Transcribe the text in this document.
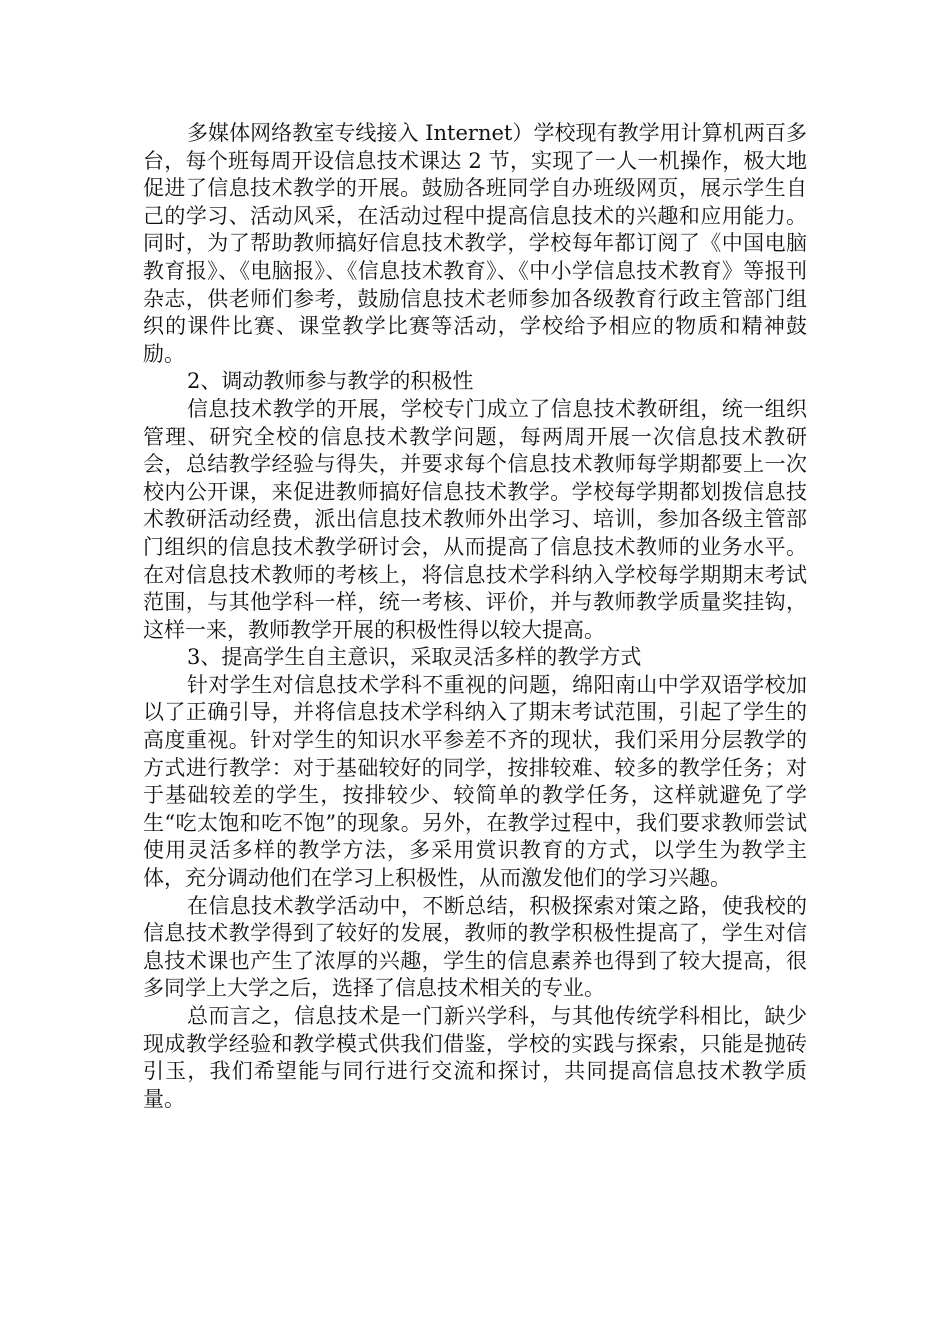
多媒体网络教室专线接入 Internet）学校现有教学用计算机两百多台，每个班每周开设信息技术课达 2 节，实现了一人一机操作，极大地促进了信息技术教学的开展。鼓励各班同学自办班级网页，展示学生自己的学习、活动风采，在活动过程中提高信息技术的兴趣和应用能力。同时，为了帮助教师搞好信息技术教学，学校每年都订阅了《中国电脑教育报》、《电脑报》、《信息技术教育》、《中小学信息技术教育》等报刊杂志，供老师们参考，鼓励信息技术老师参加各级教育行政主管部门组织的课件比赛、课堂教学比赛等活动，学校给予相应的物质和精神鼓励。

2、调动教师参与教学的积极性

信息技术教学的开展，学校专门成立了信息技术教研组，统一组织管理、研究全校的信息技术教学问题，每两周开展一次信息技术教研会，总结教学经验与得失，并要求每个信息技术教师每学期都要上一次校内公开课，来促进教师搞好信息技术教学。学校每学期都划拨信息技术教研活动经费，派出信息技术教师外出学习、培训，参加各级主管部门组织的信息技术教学研讨会，从而提高了信息技术教师的业务水平。在对信息技术教师的考核上，将信息技术学科纳入学校每学期期末考试范围，与其他学科一样，统一考核、评价，并与教师教学质量奖挂钩，这样一来，教师教学开展的积极性得以较大提高。

3、提高学生自主意识，采取灵活多样的教学方式

针对学生对信息技术学科不重视的问题，绵阳南山中学双语学校加以了正确引导，并将信息技术学科纳入了期末考试范围，引起了学生的高度重视。针对学生的知识水平参差不齐的现状，我们采用分层教学的方式进行教学：对于基础较好的同学，按排较难、较多的教学任务；对于基础较差的学生，按排较少、较简单的教学任务，这样就避免了学生“吃太饱和吃不饱”的现象。另外，在教学过程中，我们要求教师尝试使用灵活多样的教学方法，多采用赏识教育的方式，以学生为教学主体，充分调动他们在学习上积极性，从而激发他们的学习兴趣。

在信息技术教学活动中，不断总结，积极探索对策之路，使我校的信息技术教学得到了较好的发展，教师的教学积极性提高了，学生对信息技术课也产生了浓厚的兴趣，学生的信息素养也得到了较大提高，很多同学上大学之后，选择了信息技术相关的专业。

总而言之，信息技术是一门新兴学科，与其他传统学科相比，缺少现成教学经验和教学模式供我们借鉴，学校的实践与探索，只能是抛砖引玉，我们希望能与同行进行交流和探讨，共同提高信息技术教学质量。
